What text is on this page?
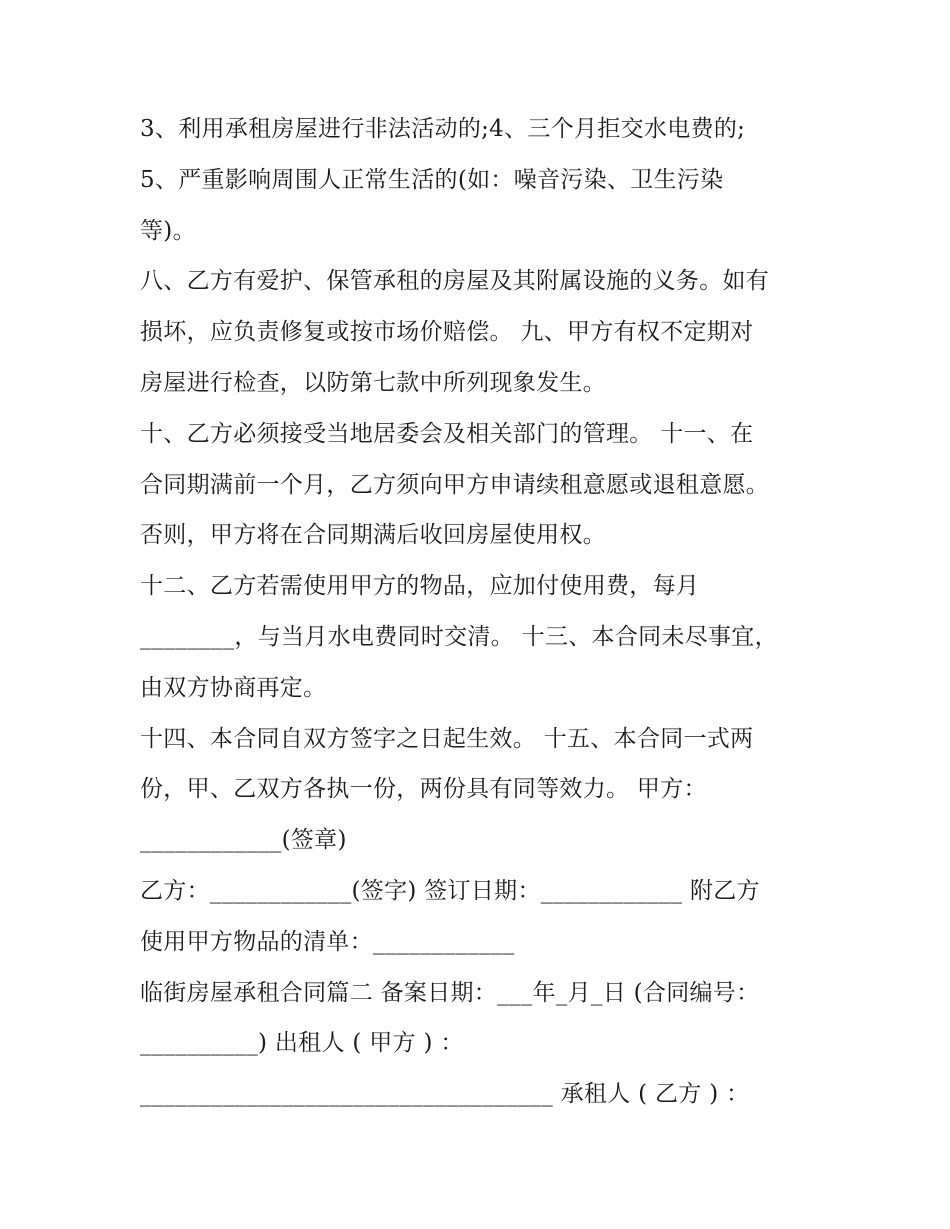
3、利用承租房屋进行非法活动的;4、三个月拒交水电费的;
5、严重影响周围人正常生活的(如：噪音污染、卫生污染
等)。
八、乙方有爱护、保管承租的房屋及其附属设施的义务。如有
损坏，应负责修复或按市场价赔偿。 九、甲方有权不定期对
房屋进行检查，以防第七款中所列现象发生。
十、乙方必须接受当地居委会及相关部门的管理。 十一、在
合同期满前一个月，乙方须向甲方申请续租意愿或退租意愿。
否则，甲方将在合同期满后收回房屋使用权。
十二、乙方若需使用甲方的物品，应加付使用费，每月
________，与当月水电费同时交清。 十三、本合同未尽事宜，
由双方协商再定。
十四、本合同自双方签字之日起生效。 十五、本合同一式两
份，甲、乙双方各执一份，两份具有同等效力。 甲方：
____________(签章)
乙方：____________(签字) 签订日期：____________ 附乙方
使用甲方物品的清单：____________
临街房屋承租合同篇二 备案日期：___年_月_日 (合同编号：
__________) 出租人 ( 甲方 ) ：
___________________________________ 承租人 ( 乙方 ) ：
